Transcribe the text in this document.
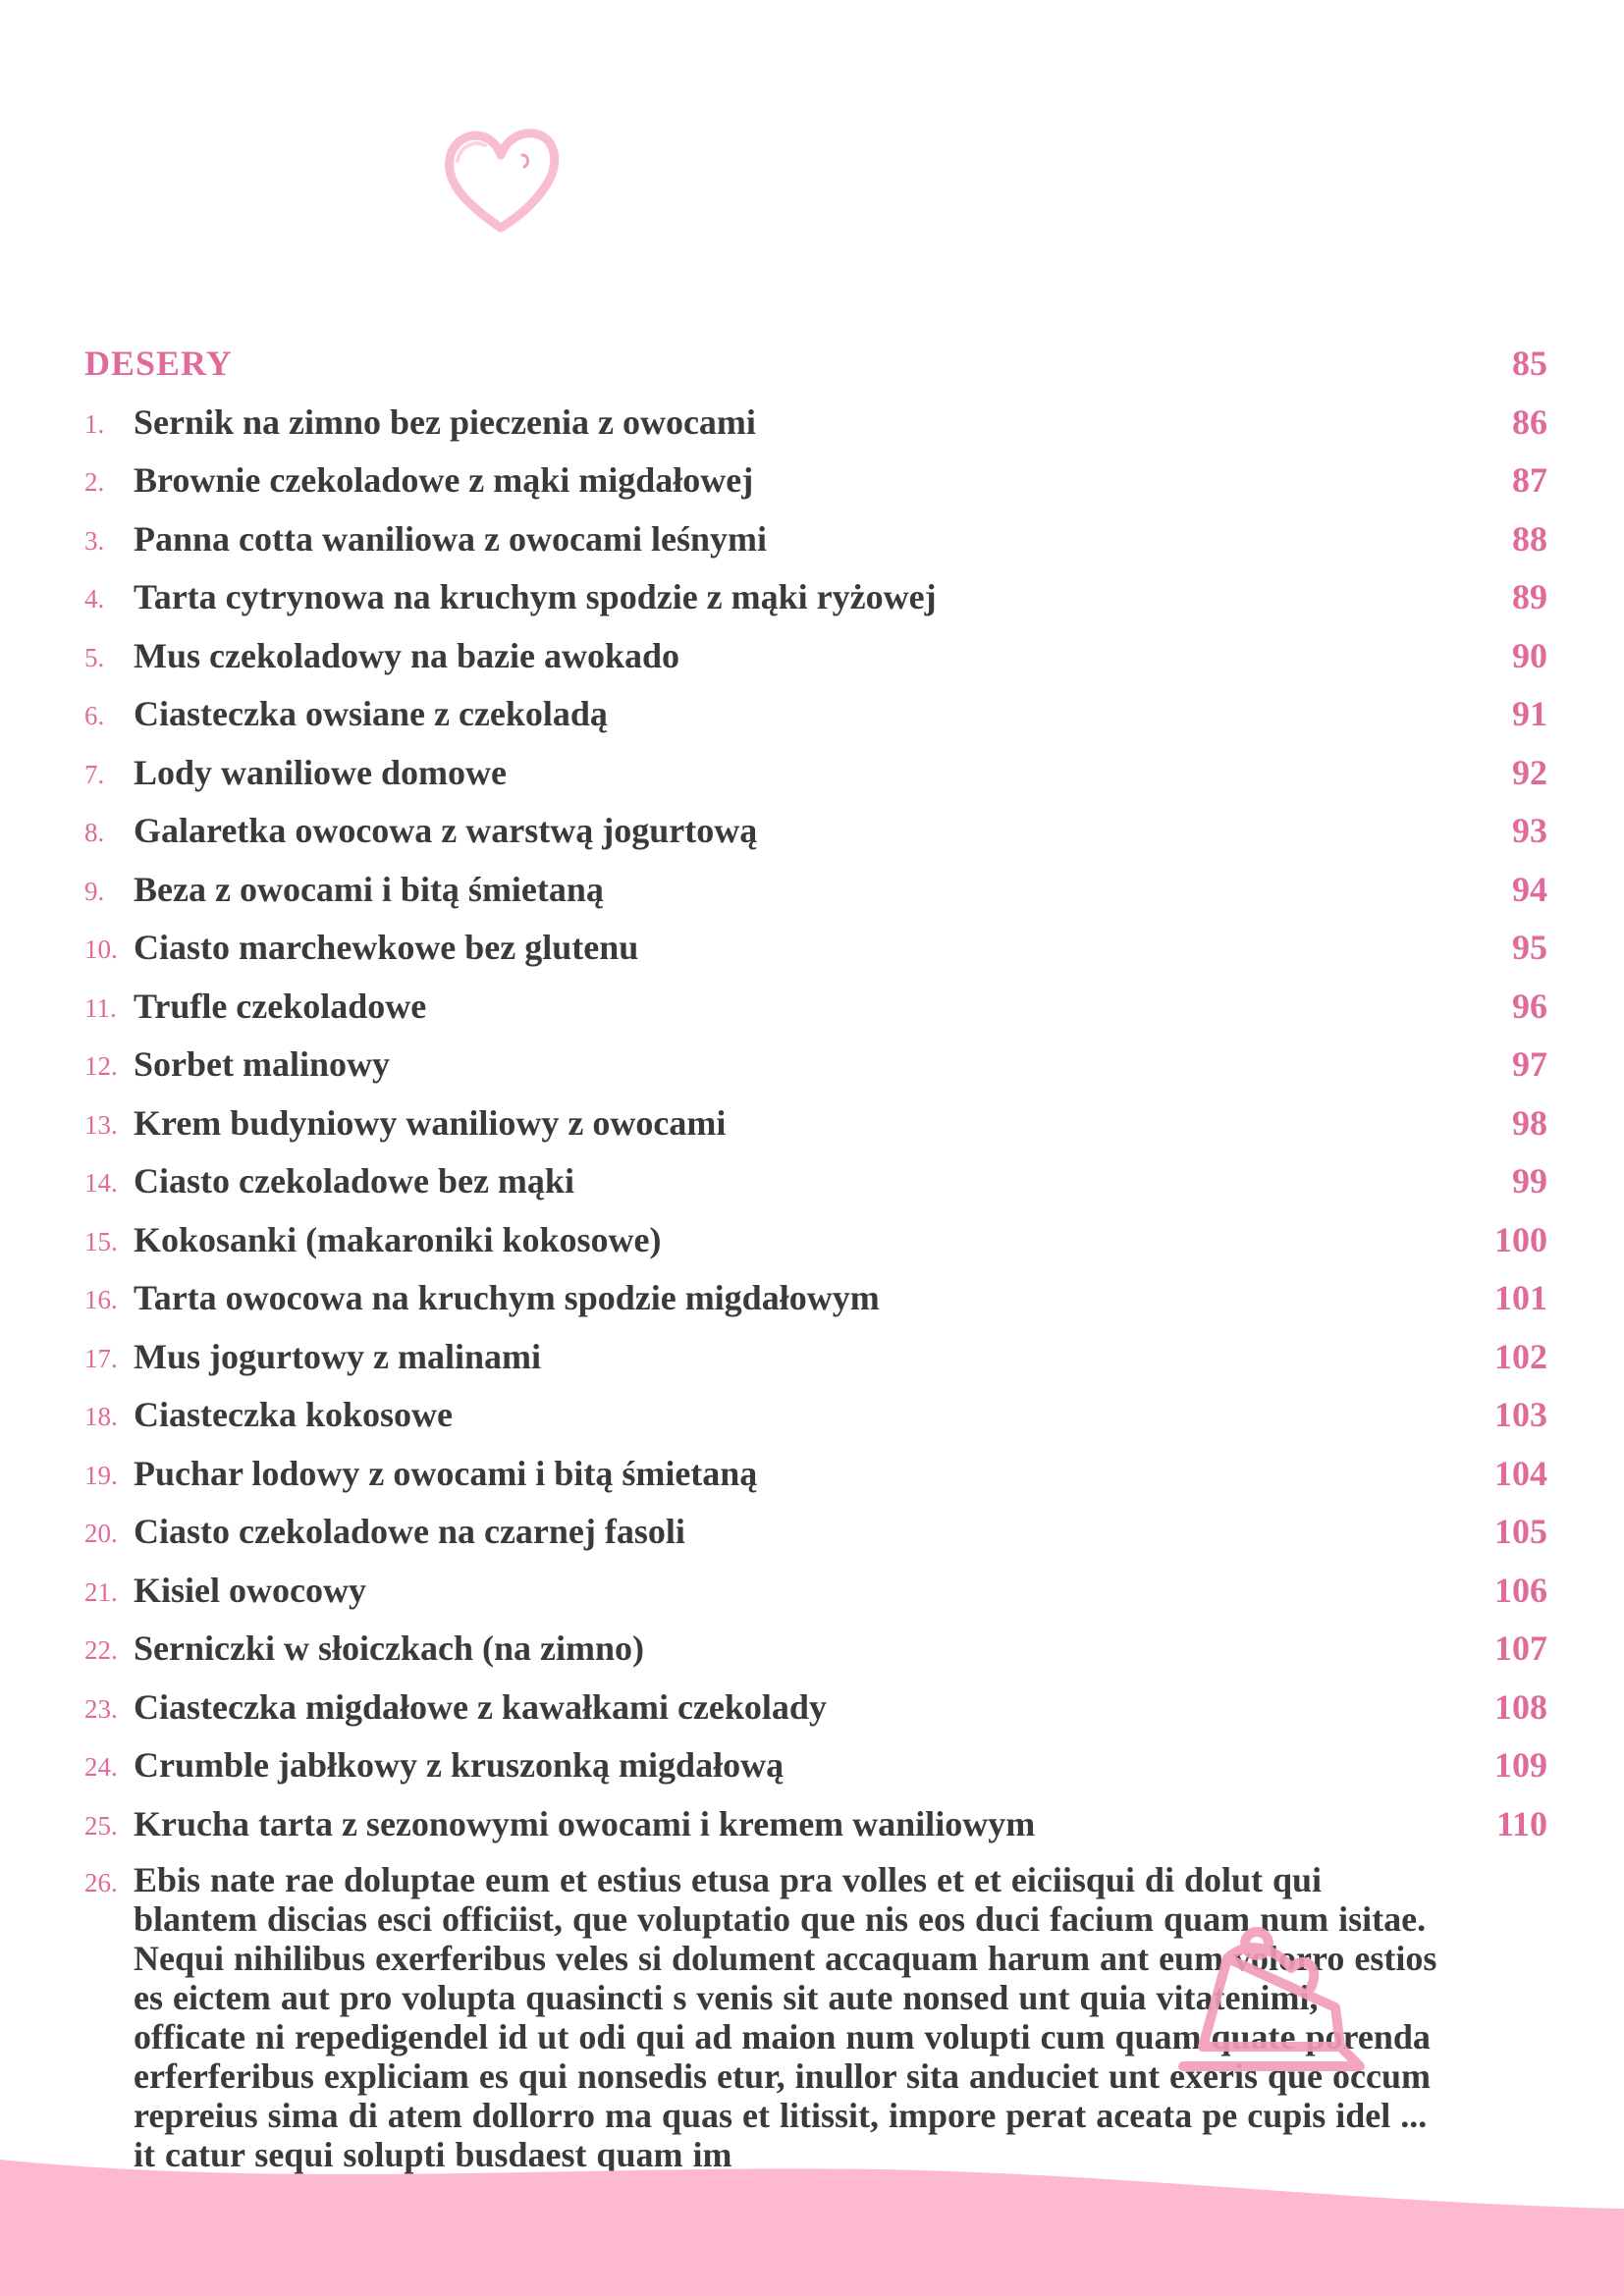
DESERY	85
1. Sernik na zimno bez pieczenia z owocami	86
2. Brownie czekoladowe z mąki migdałowej	87
3. Panna cotta waniliowa z owocami leśnymi	88
4. Tarta cytrynowa na kruchym spodzie z mąki ryżowej	89
5. Mus czekoladowy na bazie awokado	90
6. Ciasteczka owsiane z czekoladą	91
7. Lody waniliowe domowe	92
8. Galaretka owocowa z warstwą jogurtową	93
9. Beza z owocami i bitą śmietaną	94
10. Ciasto marchewkowe bez glutenu	95
11. Trufle czekoladowe	96
12. Sorbet malinowy	97
13. Krem budyniowy waniliowy z owocami	98
14. Ciasto czekoladowe bez mąki	99
15. Kokosanki (makaroniki kokosowe)	100
16. Tarta owocowa na kruchym spodzie migdałowym	101
17. Mus jogurtowy z malinami	102
18. Ciasteczka kokosowe	103
19. Puchar lodowy z owocami i bitą śmietaną	104
20. Ciasto czekoladowe na czarnej fasoli	105
21. Kisiel owocowy	106
22. Serniczki w słoiczkach (na zimno)	107
23. Ciasteczka migdałowe z kawałkami czekolady	108
24. Crumble jabłkowy z kruszonką migdałową	109
25. Krucha tarta z sezonowymi owocami i kremem waniliowym	110
26. Ebis nate rae doluptae eum et estius etusa pra volles et et eiciisqui di dolut qui blantem discias esci officiist, que voluptatio que nis eos duci facium quam num isitae. Nequi nihilibus exerferibus veles si dolument accaquam harum ant eum volorro estios es eictem aut pro volupta quasincti s venis sit aute nonsed unt quia vitatenimi, officate ni repedigendel id ut odi qui ad maion num volupti cum quam quate porenda erferferibus expliciam es qui nonsedis etur, inullor sita anduciet unt exeris que occum repreius sima di atem dollorro ma quas et litissit, impore perat aceata pe cupis idel ... it catur sequi solupti busdaest quam im
